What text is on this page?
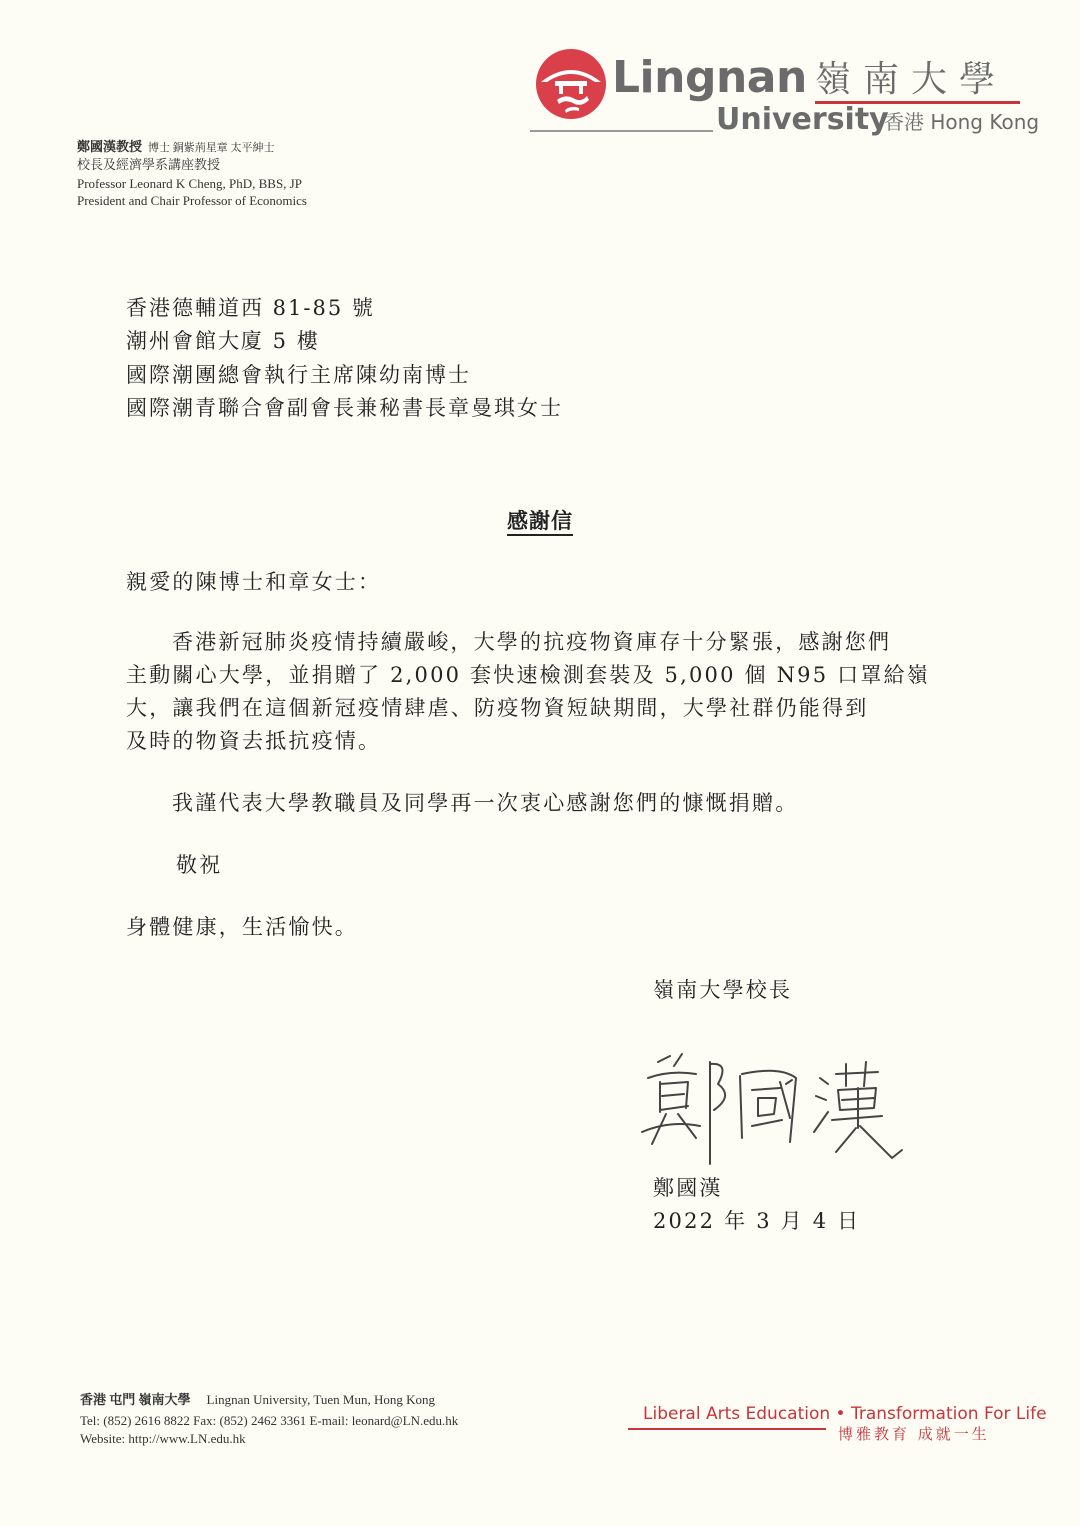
Lingnan 嶺南大學
University
香港 Hong Kong
鄭國漢教授 博士 銅紫荊星章 太平紳士
校長及經濟學系講座教授
Professor Leonard K Cheng, PhD, BBS, JP
President and Chair Professor of Economics
香港德輔道西 81-85 號
潮州會館大廈 5 樓
國際潮團總會執行主席陳幼南博士
國際潮青聯合會副會長兼秘書長章曼琪女士
感謝信
親愛的陳博士和章女士：
香港新冠肺炎疫情持續嚴峻，大學的抗疫物資庫存十分緊張，感謝您們
主動關心大學，並捐贈了 2,000 套快速檢測套裝及 5,000 個 N95 口罩給嶺
大，讓我們在這個新冠疫情肆虐、防疫物資短缺期間，大學社群仍能得到
及時的物資去抵抗疫情。
我謹代表大學教職員及同學再一次衷心感謝您們的慷慨捐贈。
敬祝
身體健康，生活愉快。
嶺南大學校長
鄭國漢
2022 年 3 月 4 日
香港 屯門 嶺南大學 Lingnan University, Tuen Mun, Hong Kong
Tel: (852) 2616 8822 Fax: (852) 2462 3361 E-mail: leonard@LN.edu.hk
Website: http://www.LN.edu.hk
Liberal Arts Education • Transformation For Life
博雅教育 成就一生
